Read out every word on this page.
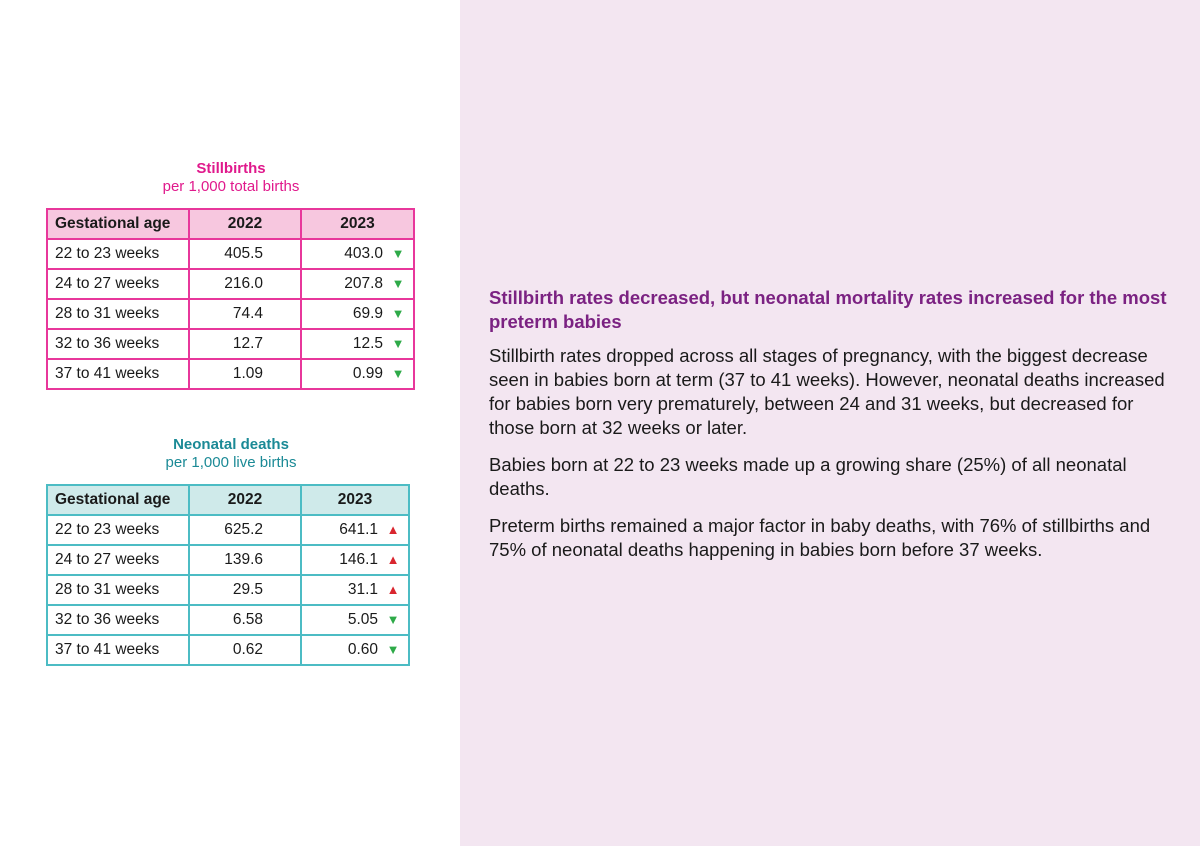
Stillbirths
per 1,000 total births
Gestational age	2022	2023
22 to 23 weeks	405.5	403.0 ▼
24 to 27 weeks	216.0	207.8 ▼
28 to 31 weeks	74.4	69.9 ▼
32 to 36 weeks	12.7	12.5 ▼
37 to 41 weeks	1.09	0.99 ▼
Neonatal deaths
per 1,000 live births
Gestational age	2022	2023
22 to 23 weeks	625.2	641.1 ▲
24 to 27 weeks	139.6	146.1 ▲
28 to 31 weeks	29.5	31.1 ▲
32 to 36 weeks	6.58	5.05 ▼
37 to 41 weeks	0.62	0.60 ▼

Stillbirth rates decreased, but neonatal mortality rates increased for the most preterm babies

Stillbirth rates dropped across all stages of pregnancy, with the biggest decrease seen in babies born at term (37 to 41 weeks). However, neonatal deaths increased for babies born very prematurely, between 24 and 31 weeks, but decreased for those born at 32 weeks or later.

Babies born at 22 to 23 weeks made up a growing share (25%) of all neonatal deaths.

Preterm births remained a major factor in baby deaths, with 76% of stillbirths and 75% of neonatal deaths happening in babies born before 37 weeks.
